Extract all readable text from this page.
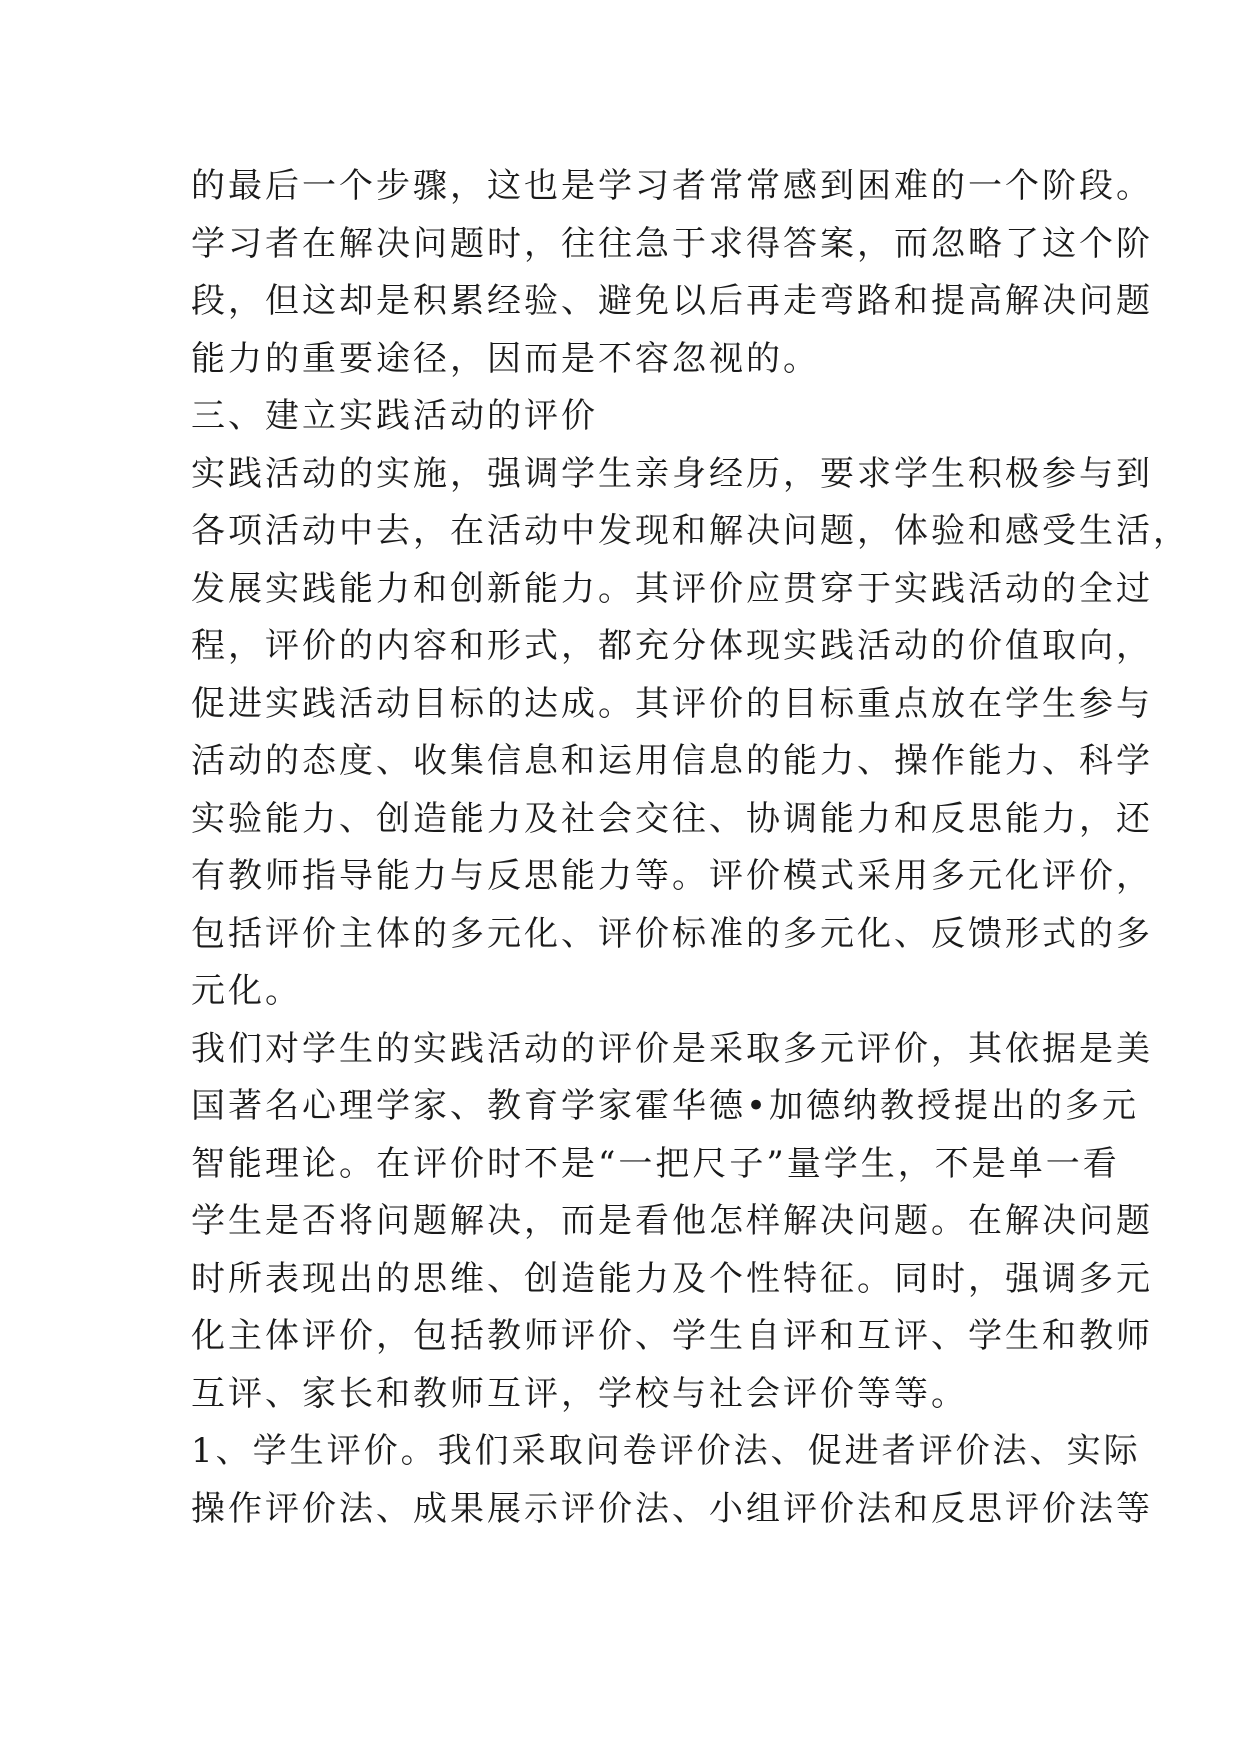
的最后一个步骤，这也是学习者常常感到困难的一个阶段。
学习者在解决问题时，往往急于求得答案，而忽略了这个阶
段，但这却是积累经验、避免以后再走弯路和提高解决问题
能力的重要途径，因而是不容忽视的。
三、建立实践活动的评价
实践活动的实施，强调学生亲身经历，要求学生积极参与到
各项活动中去，在活动中发现和解决问题，体验和感受生活，
发展实践能力和创新能力。其评价应贯穿于实践活动的全过
程，评价的内容和形式，都充分体现实践活动的价值取向，
促进实践活动目标的达成。其评价的目标重点放在学生参与
活动的态度、收集信息和运用信息的能力、操作能力、科学
实验能力、创造能力及社会交往、协调能力和反思能力，还
有教师指导能力与反思能力等。评价模式采用多元化评价，
包括评价主体的多元化、评价标准的多元化、反馈形式的多
元化。
我们对学生的实践活动的评价是采取多元评价，其依据是美
国著名心理学家、教育学家霍华德•加德纳教授提出的多元
智能理论。在评价时不是“一把尺子”量学生，不是单一看
学生是否将问题解决，而是看他怎样解决问题。在解决问题
时所表现出的思维、创造能力及个性特征。同时，强调多元
化主体评价，包括教师评价、学生自评和互评、学生和教师
互评、家长和教师互评，学校与社会评价等等。
1、学生评价。我们采取问卷评价法、促进者评价法、实际
操作评价法、成果展示评价法、小组评价法和反思评价法等
